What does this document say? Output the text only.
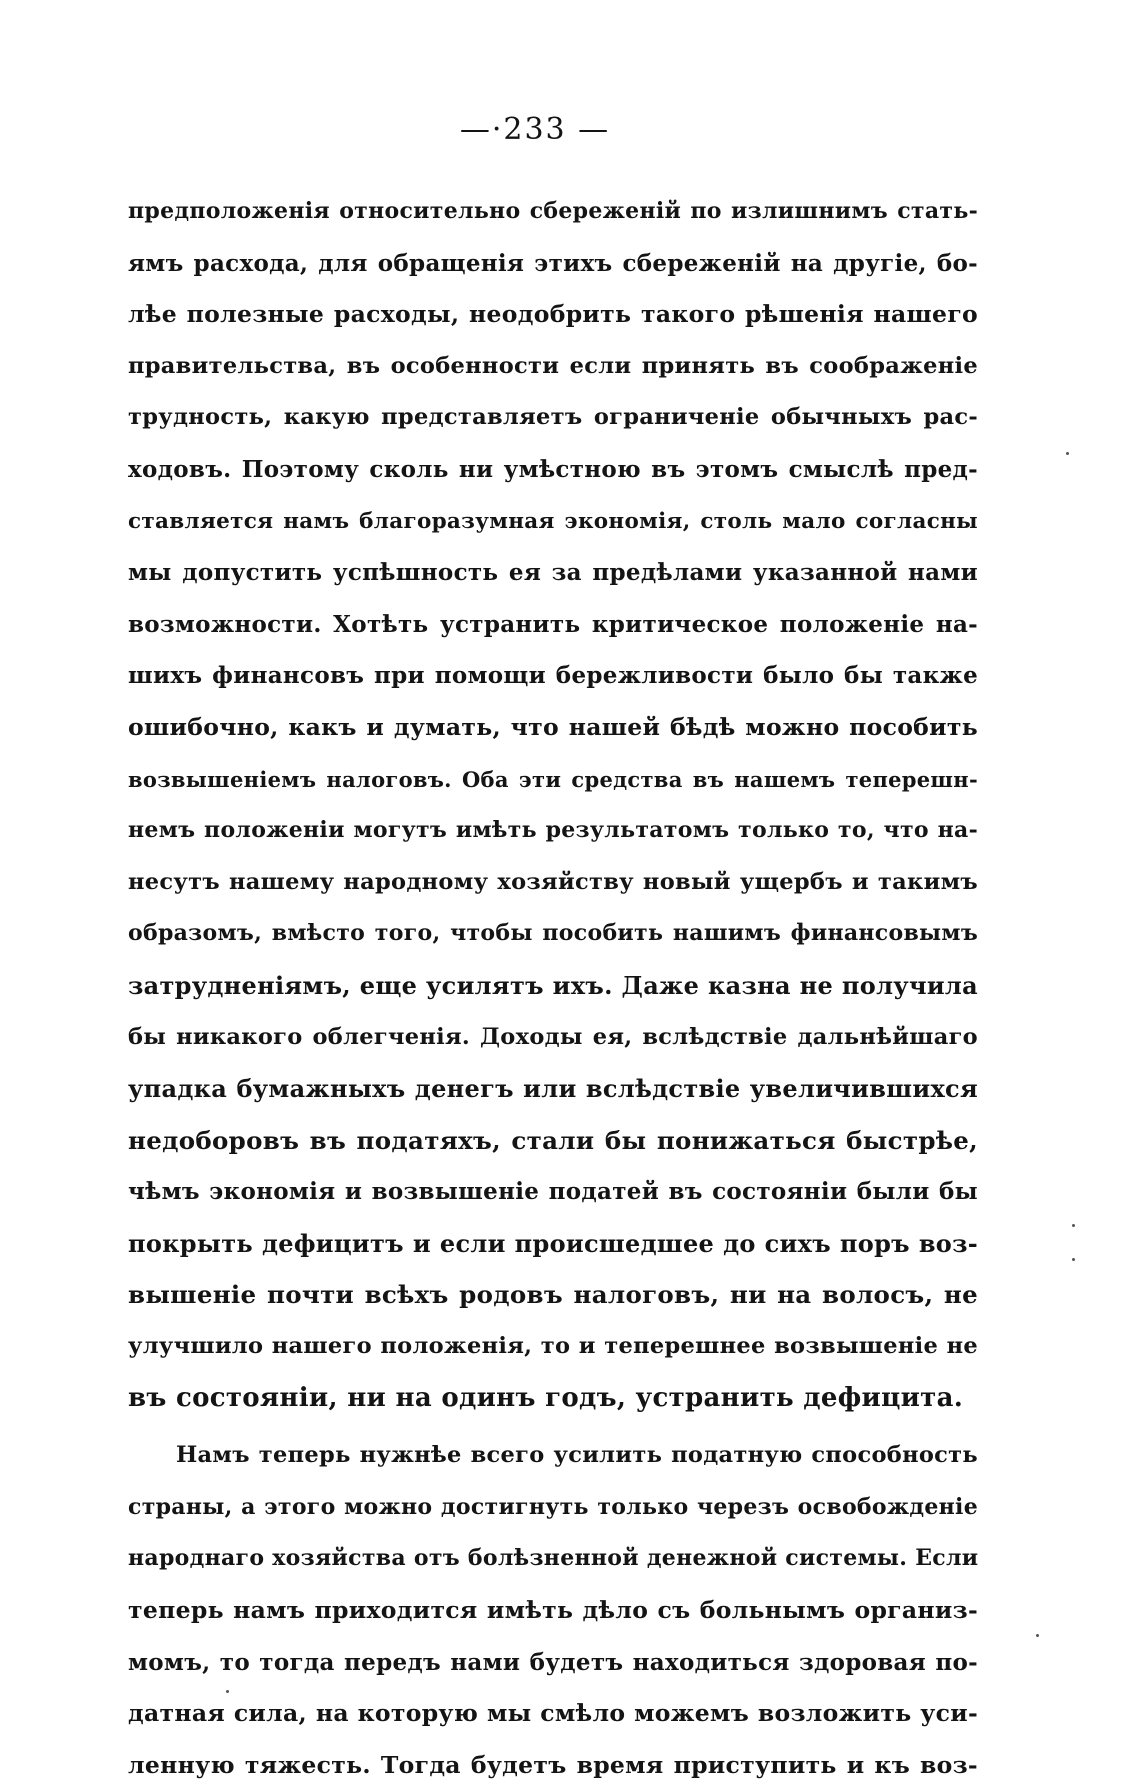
—·233 —
предположенія относительно сбереженій по излишнимъ стать-
ямъ расхода, для обращенія этихъ сбереженій на другіе, бо-
лѣе полезные расходы, неодобрить такого рѣшенія нашего
правительства, въ особенности если принять въ соображеніе
трудность, какую представляетъ ограниченіе обычныхъ рас-
ходовъ. Поэтому сколь ни умѣстною въ этомъ смыслѣ пред-
ставляется намъ благоразумная экономія, столь мало согласны
мы допустить успѣшность ея за предѣлами указанной нами
возможности. Хотѣть устранить критическое положеніе на-
шихъ финансовъ при помощи бережливости было бы также
ошибочно, какъ и думать, что нашей бѣдѣ можно пособить
возвышеніемъ налоговъ. Оба эти средства въ нашемъ теперешн-
немъ положеніи могутъ имѣть результатомъ только то, что на-
несутъ нашему народному хозяйству новый ущербъ и такимъ
образомъ, вмѣсто того, чтобы пособить нашимъ финансовымъ
затрудненіямъ, еще усилятъ ихъ. Даже казна не получила
бы никакого облегченія. Доходы ея, вслѣдствіе дальнѣйшаго
упадка бумажныхъ денегъ или вслѣдствіе увеличившихся
недоборовъ въ податяхъ, стали бы понижаться быстрѣе,
чѣмъ экономія и возвышеніе податей въ состояніи были бы
покрыть дефицитъ и если происшедшее до сихъ поръ воз-
вышеніе почти всѣхъ родовъ налоговъ, ни на волосъ, не
улучшило нашего положенія, то и теперешнее возвышеніе не
въ состояніи, ни на одинъ годъ, устранить дефицита.
Намъ теперь нужнѣе всего усилить податную способность
страны, а этого можно достигнуть только черезъ освобожденіе
народнаго хозяйства отъ болѣзненной денежной системы. Если
теперь намъ приходится имѣть дѣло съ больнымъ организ-
момъ, то тогда передъ нами будетъ находиться здоровая по-
датная сила, на которую мы смѣло можемъ возложить уси-
ленную тяжесть. Тогда будетъ время приступить и къ воз-
